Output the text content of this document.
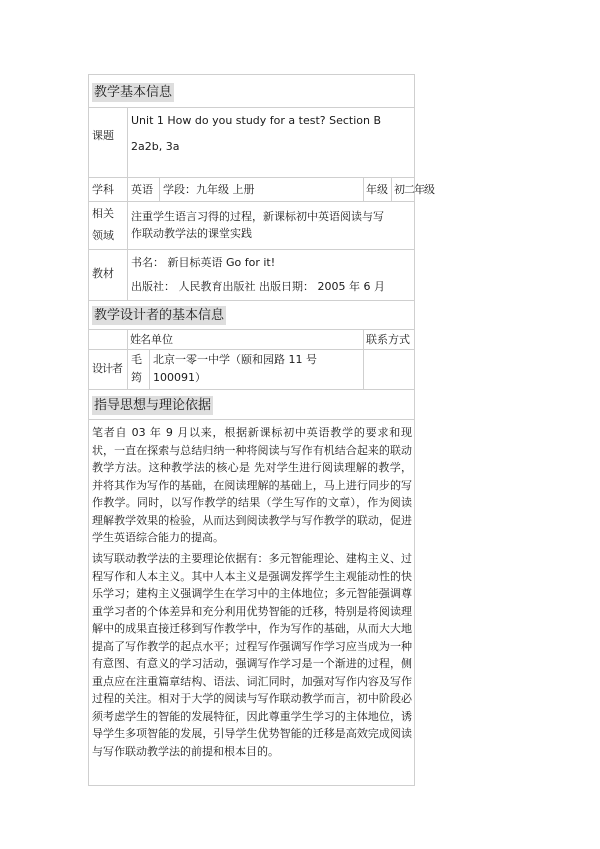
教学基本信息
课题
Unit 1 How do you study for a test? Section B
2a2b, 3a
学科 英语 学段：九年级 上册	年级 初二年级
相关
领域
注重学生语言习得的过程，新课标初中英语阅读与写
作联动教学法的课堂实践
教材
书名： 新目标英语 Go for it!
出版社： 人民教育出版社 出版日期： 2005 年 6 月
教学设计者的基本信息
姓名 单位	联系方式
设计者
毛
筠
北京一零一中学（颐和园路 11 号
100091）
指导思想与理论依据
笔者自 03 年 9 月以来，根据新课标初中英语教学的要求和现状，一直在探索与总结归纳一种将阅读与写作有机结合起来的联动教学方法。这种教学法的核心是 先对学生进行阅读理解的教学，并将其作为写作的基础，在阅读理解的基础上，马上进行同步的写作教学。同时，以写作教学的结果（学生写作的文章），作为阅读理解教学效果的检验，从而达到阅读教学与写作教学的联动，促进学生英语综合能力的提高。
读写联动教学法的主要理论依据有：多元智能理论、建构主义、过程写作和人本主义。其中人本主义是强调发挥学生主观能动性的快乐学习；建构主义强调学生在学习中的主体地位；多元智能强调尊重学习者的个体差异和充分利用优势智能的迁移，特别是将阅读理解中的成果直接迁移到写作教学中，作为写作的基础，从而大大地提高了写作教学的起点水平；过程写作强调写作学习应当成为一种有意图、有意义的学习活动，强调写作学习是一个渐进的过程，侧重点应在注重篇章结构、语法、词汇同时，加强对写作内容及写作过程的关注。相对于大学的阅读与写作联动教学而言，初中阶段必须考虑学生的智能的发展特征，因此尊重学生学习的主体地位，诱导学生多项智能的发展，引导学生优势智能的迁移是高效完成阅读与写作联动教学法的前提和根本目的。
